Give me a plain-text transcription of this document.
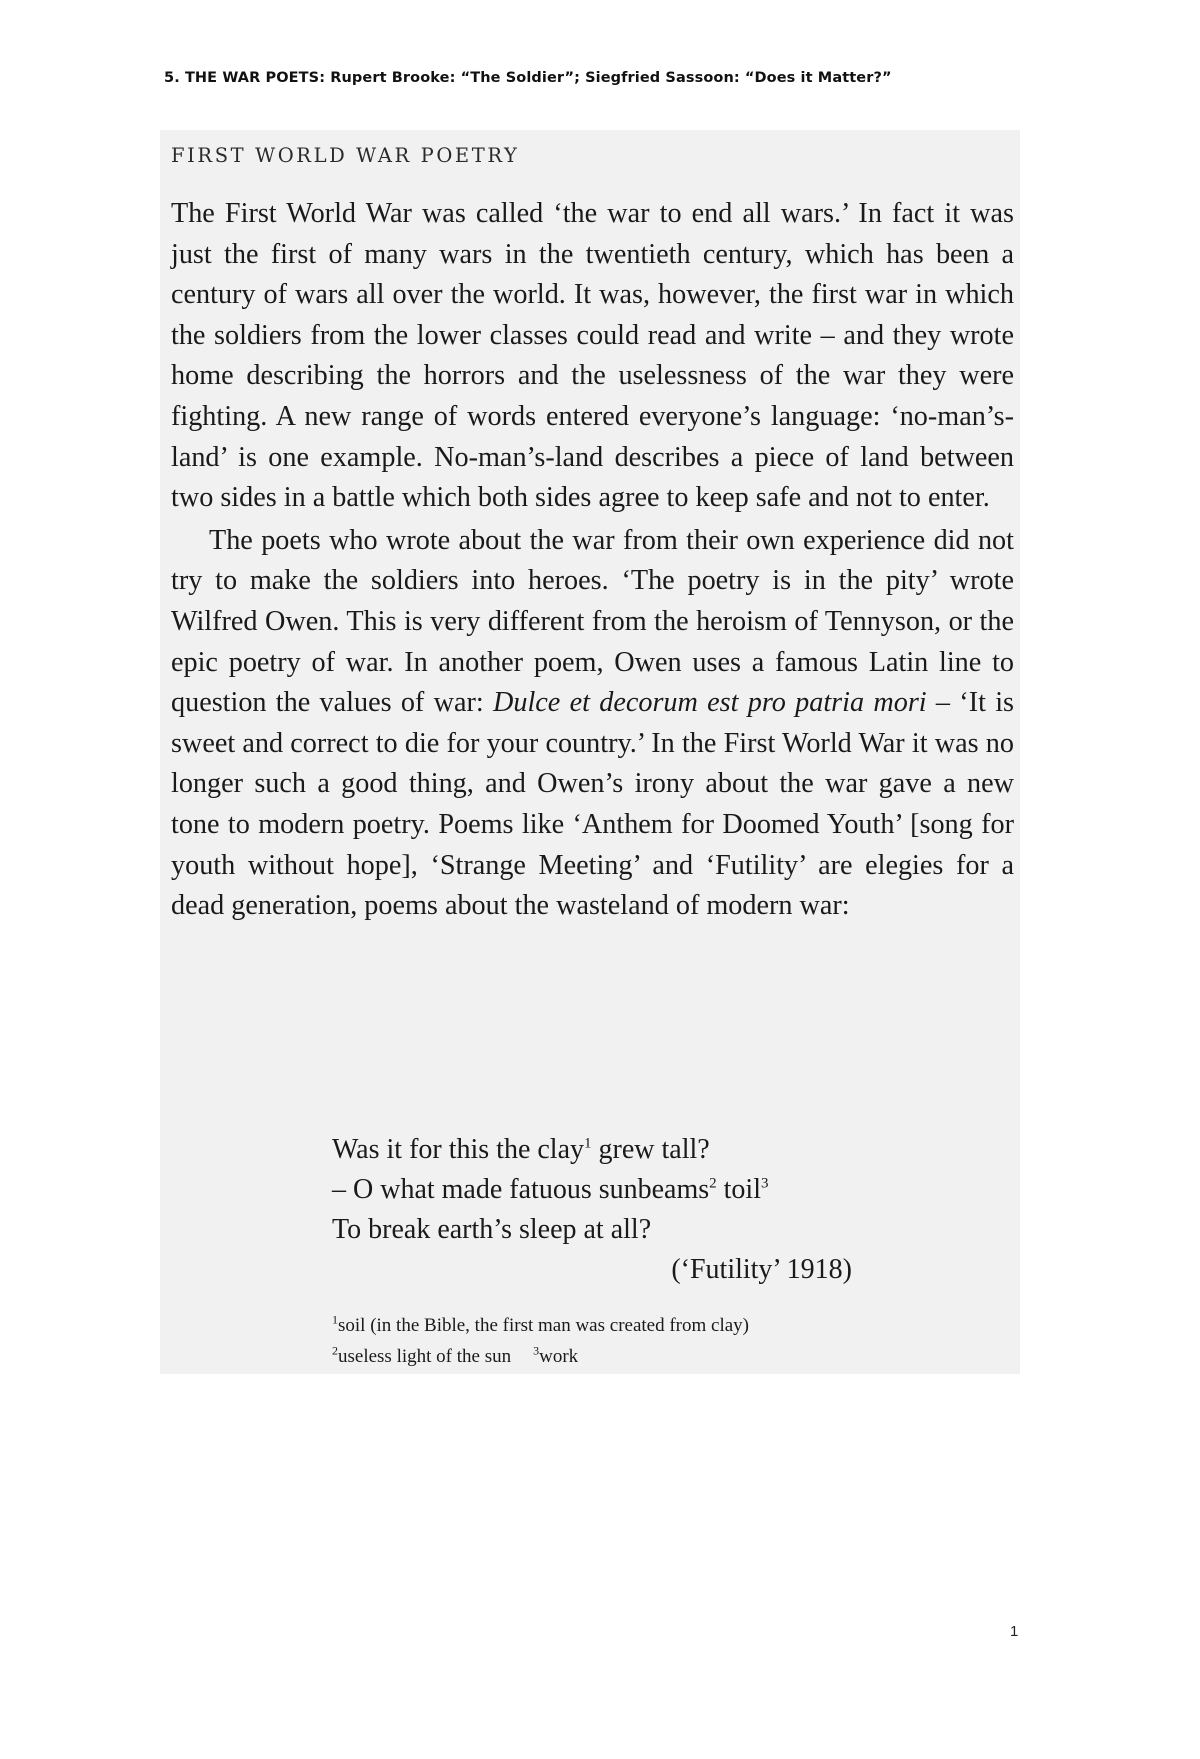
5. THE WAR POETS: Rupert Brooke: “The Soldier”; Siegfried Sassoon: “Does it Matter?”
FIRST WORLD WAR POETRY

The First World War was called ‘the war to end all wars.’ In fact it was just the first of many wars in the twentieth century, which has been a century of wars all over the world. It was, however, the first war in which the soldiers from the lower classes could read and write – and they wrote home describing the horrors and the uselessness of the war they were fighting. A new range of words entered everyone’s language: ‘no-man’s-land’ is one example. No-man’s-land describes a piece of land between two sides in a battle which both sides agree to keep safe and not to enter.

The poets who wrote about the war from their own experience did not try to make the soldiers into heroes. ‘The poetry is in the pity’ wrote Wilfred Owen. This is very different from the heroism of Tennyson, or the epic poetry of war. In another poem, Owen uses a famous Latin line to question the values of war: Dulce et decorum est pro patria mori – ‘It is sweet and correct to die for your country.’ In the First World War it was no longer such a good thing, and Owen’s irony about the war gave a new tone to modern poetry. Poems like ‘Anthem for Doomed Youth’ [song for youth without hope], ‘Strange Meeting’ and ‘Futility’ are elegies for a dead generation, poems about the wasteland of modern war:

Was it for this the clay$^1$ grew tall?
– O what made fatuous sunbeams$^2$ toil$^3$
To break earth’s sleep at all?
(‘Futility’ 1918)
$^1$soil (in the Bible, the first man was created from clay)
$^2$useless light of the sun $^3$work
1
